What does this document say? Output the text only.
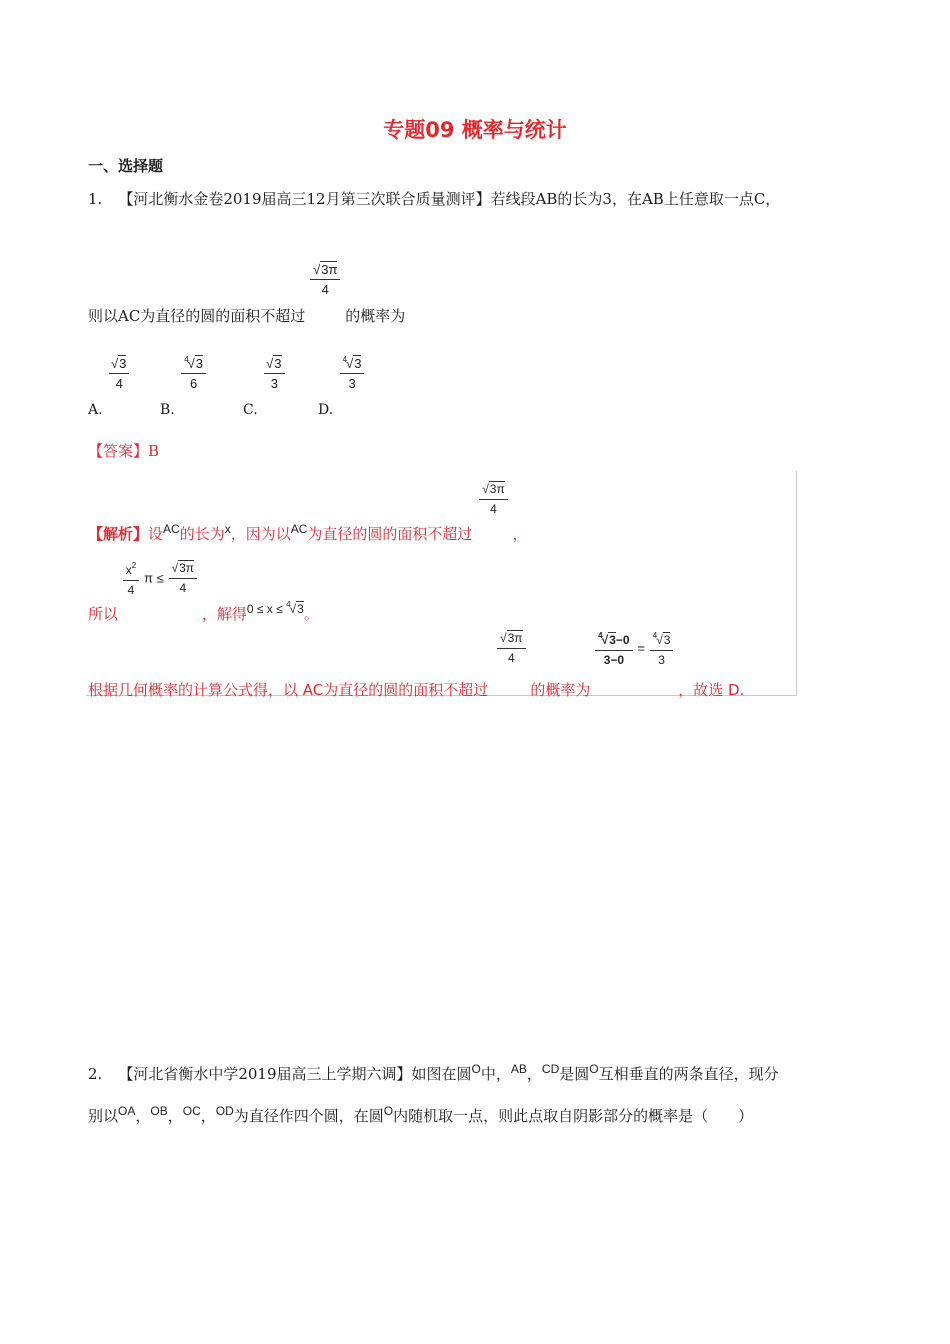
专题09 概率与统计
一、选择题
1. 【河北衡水金卷2019届高三12月第三次联合质量测评】若线段AB的长为3，在AB上任意取一点C，
则以AC为直径的圆的面积不超过
$\frac{√3\pi}{4}$
的概率为
A.
$\frac{√3}{4}$
B.
$\frac{^4√3}{6}$
C.
$\frac{√3}{3}$
D.
$\frac{^4√3}{3}$
【答案】B
【解析】设$^{AC}$的长为$^x$，因为以$^{AC}$为直径的圆的面积不超过
$\frac{√3\pi}{4}$
，
所以
$\frac{x^2}{4}$ $\pi \le \frac{√3\pi}{4}$
，解得$_{0 \le x \le ^4√3}$。
根据几何概率的计算公式得，以 AC为直径的圆的面积不超过
$\frac{√3\pi}{4}$
的概率为
$\frac{^4√3-0}{3-0} = \frac{^4√3}{3}$
，故选 D.
2. 【河北省衡水中学2019届高三上学期六调】如图在圆$^O$中，$^{AB}$，$^{CD}$是圆$^O$互相垂直的两条直径，现分
别以$^{OA}$，$^{OB}$，$^{OC}$，$^{OD}$为直径作四个圆，在圆$^O$内随机取一点，则此点取自阴影部分的概率是（　　）
